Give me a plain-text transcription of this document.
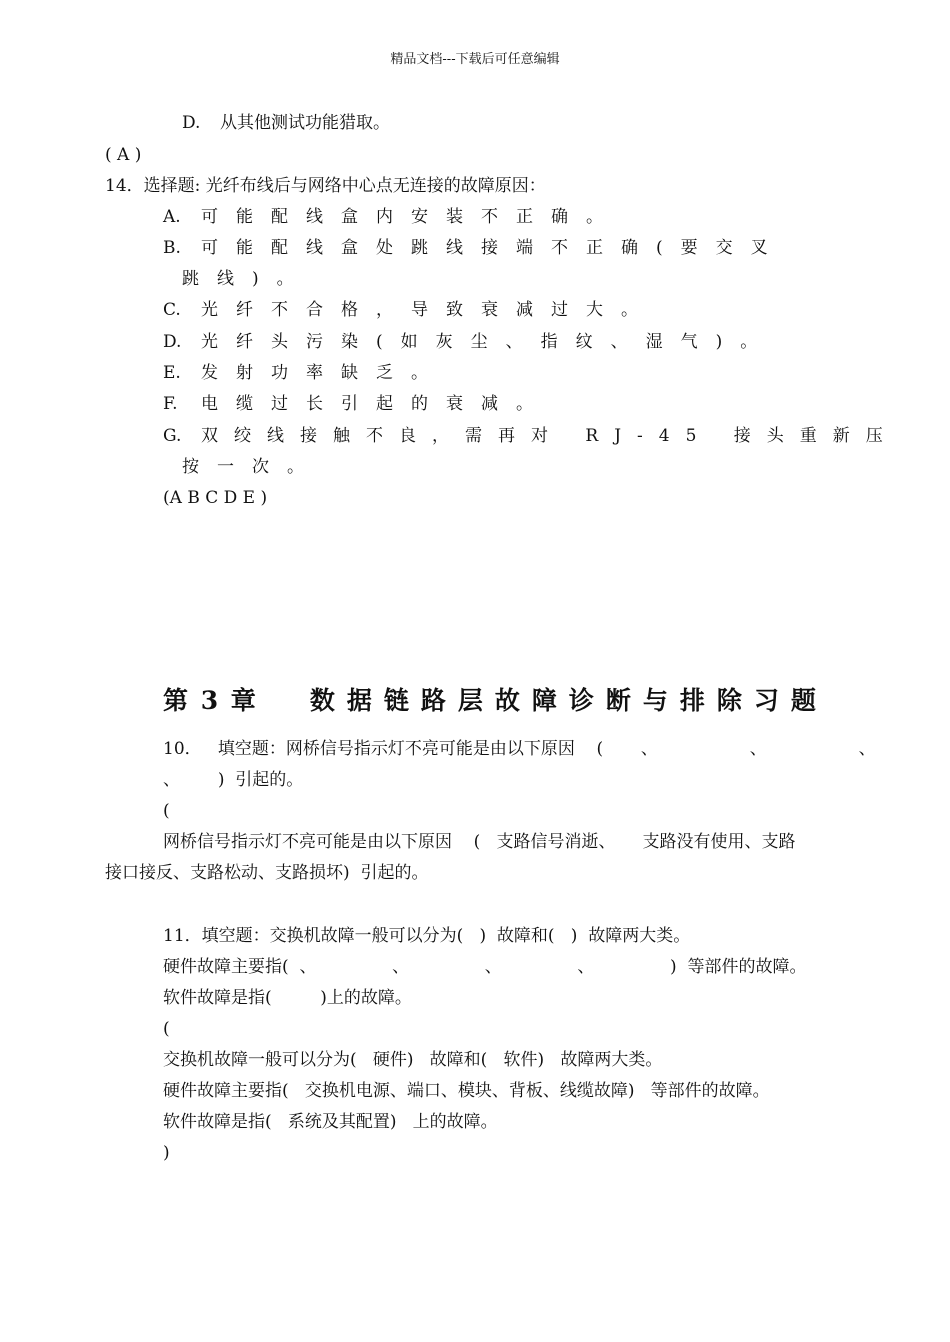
精品文档---下载后可任意编辑
D.	从其他测试功能猎取。
( A )
14．选择题: 光纤布线后与网络中心点无连接的故障原因：
A.	可能配线盒内安装不正确。
B.	可能配线盒处跳线接端不正确(要交叉
跳线)。
C.	光纤不合格，导致衰减过大。
D.	光纤头污染(如灰尘、指纹、湿气)。
E.	发射功率缺乏。
F.	电缆过长引起的衰减。
G.	双绞线接触不良，需再对 RJ-45 接头重新压
按一次。
(A B C D E )
第 3 章 数据链路层故障诊断与排除习题
10．   填空题：网桥信号指示灯不亮可能是由以下原因    (       、                 、                 、
、       )  引起的。
(
网桥信号指示灯不亮可能是由以下原因    (   支路信号消逝、     支路没有使用、支路
接口接反、支路松动、支路损坏)  引起的。
11．填空题：交换机故障一般可以分为(   )  故障和(   )  故障两大类。
硬件故障主要指(  、              、              、              、              )  等部件的故障。
软件故障是指(         )上的故障。
(
交换机故障一般可以分为(   硬件)   故障和(   软件)   故障两大类。
硬件故障主要指(   交换机电源、端口、模块、背板、线缆故障)   等部件的故障。
软件故障是指(   系统及其配置)   上的故障。
)
